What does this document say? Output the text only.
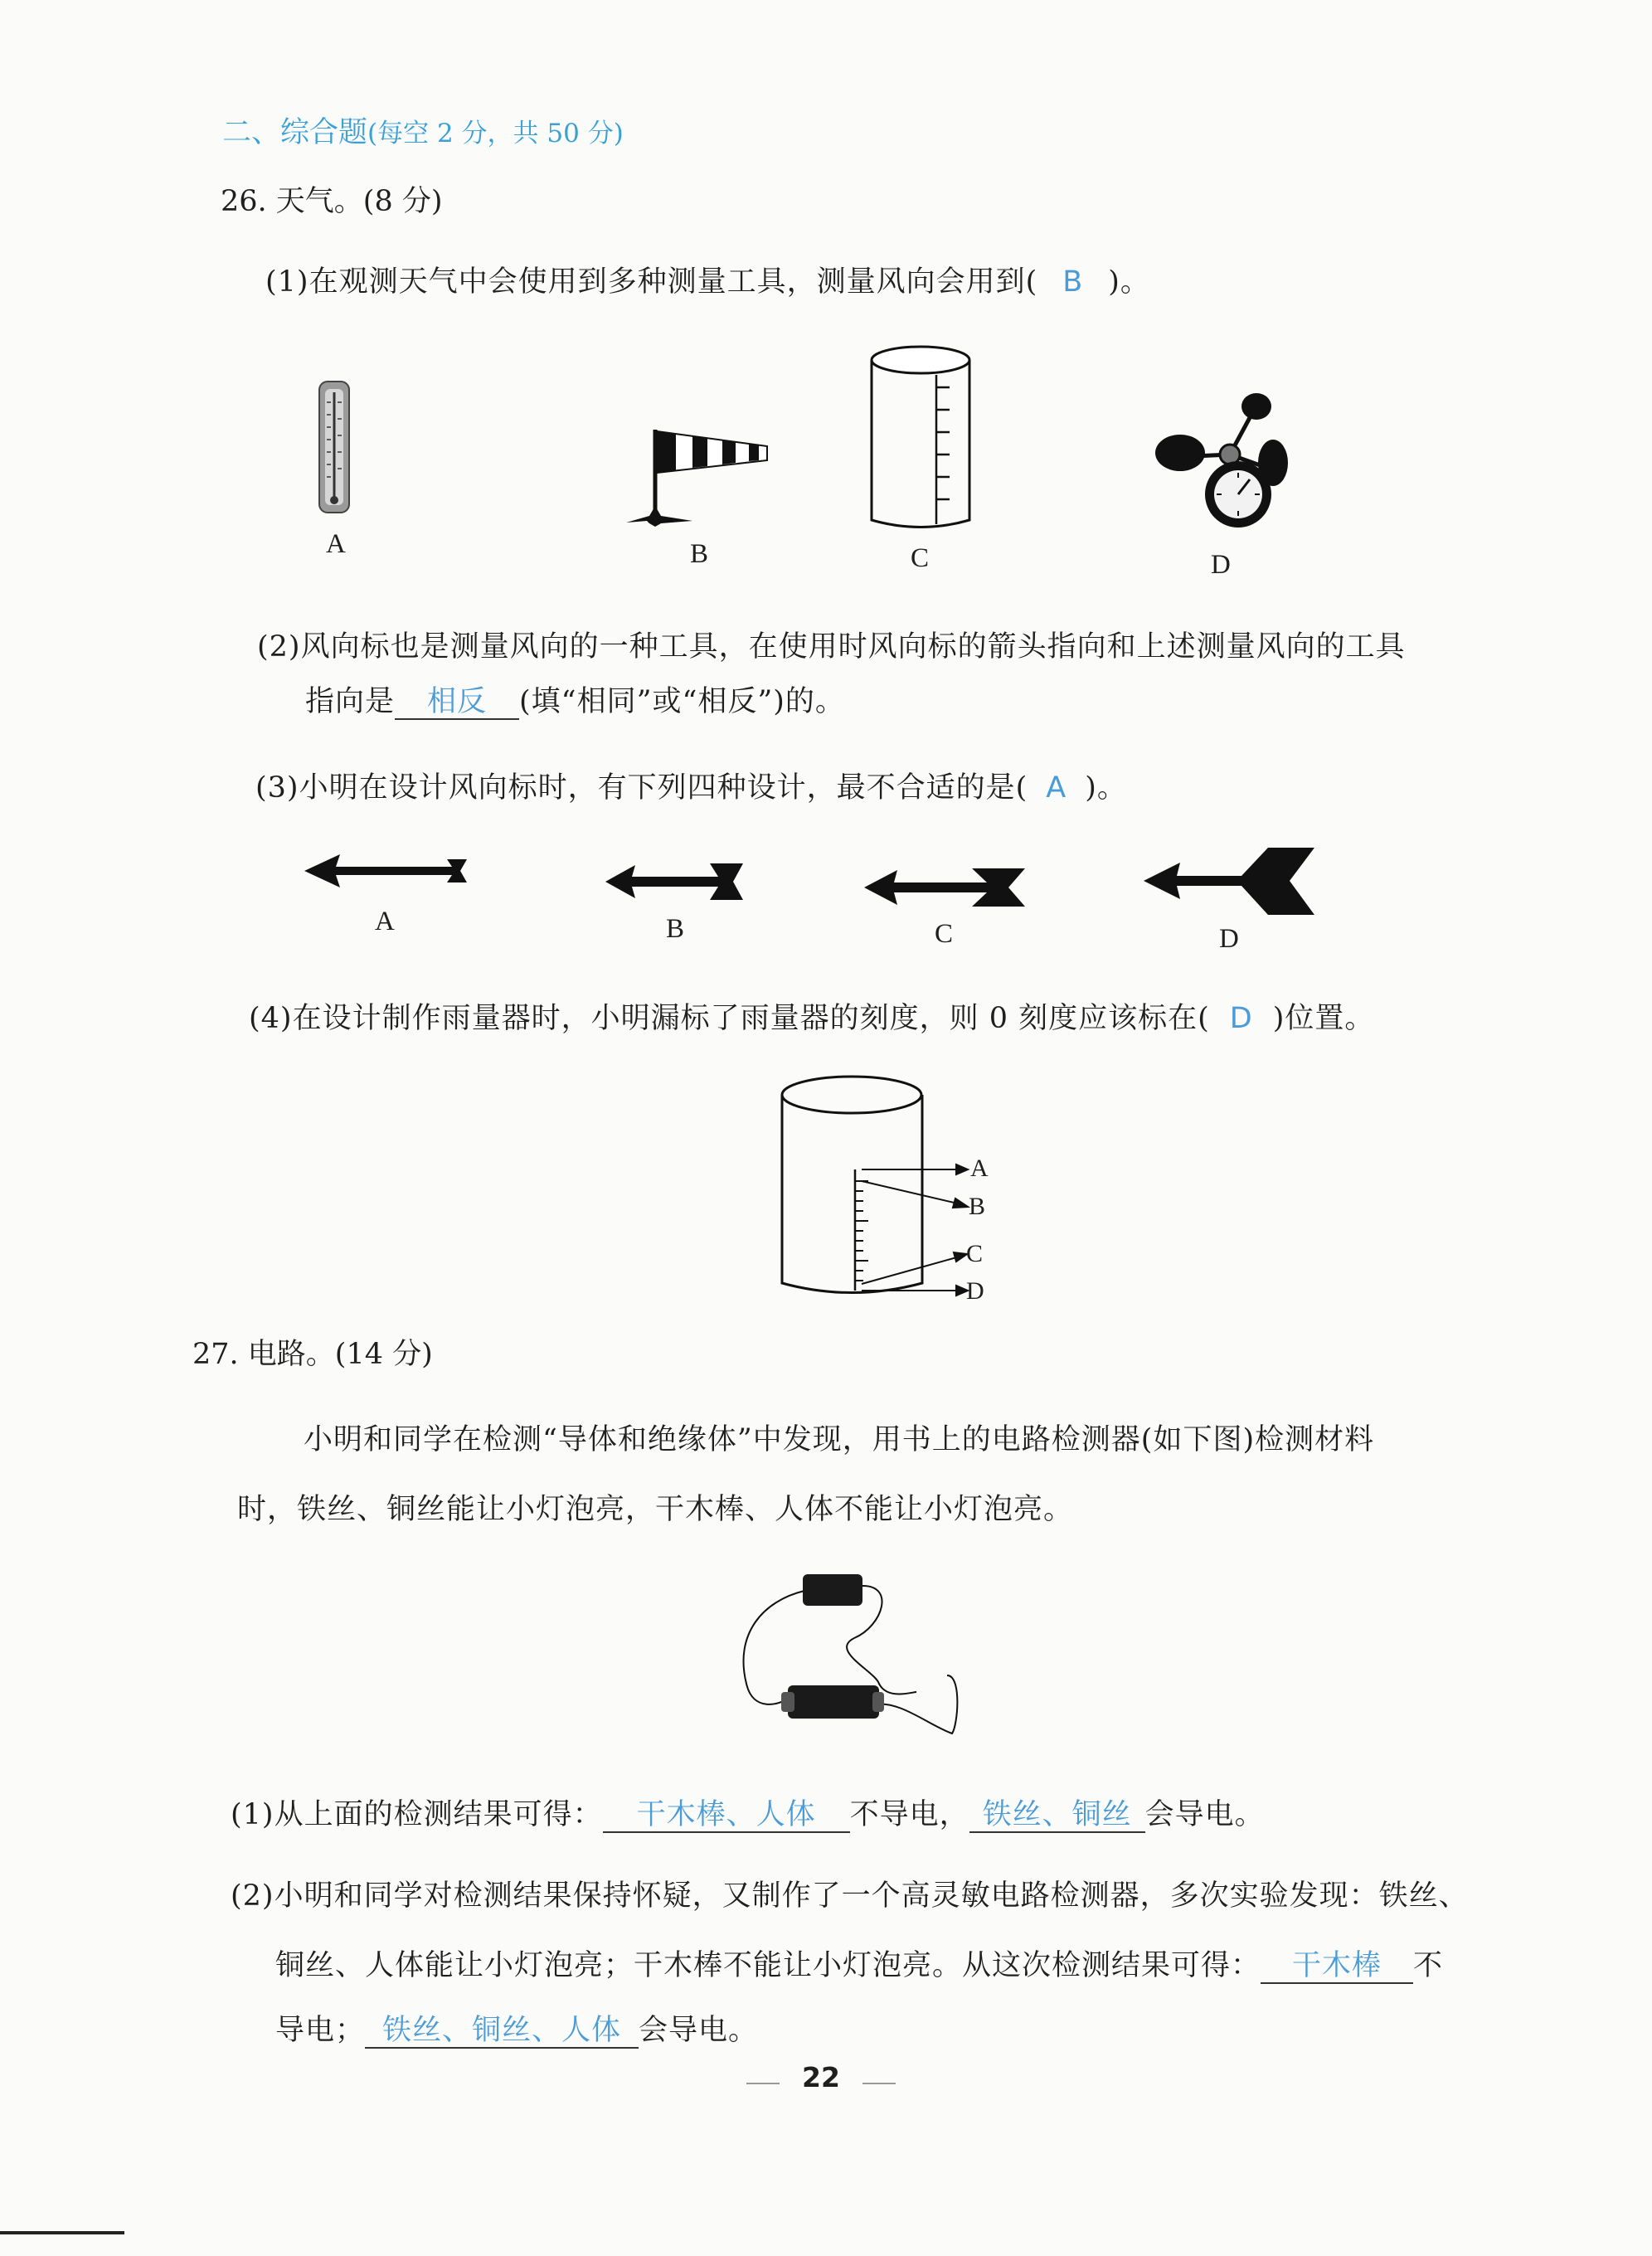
二、综合题(每空 2 分，共 50 分)
26. 天气。(8 分)
(1)在观测天气中会使用到多种测量工具，测量风向会用到( B )。
A	B	C	D
(2)风向标也是测量风向的一种工具，在使用时风向标的箭头指向和上述测量风向的工具
指向是 相反 (填“相同”或“相反”)的。
(3)小明在设计风向标时，有下列四种设计，最不合适的是( A )。
A	B	C	D
(4)在设计制作雨量器时，小明漏标了雨量器的刻度，则 0 刻度应该标在( D )位置。
A
B
C
D
27. 电路。(14 分)
小明和同学在检测“导体和绝缘体”中发现，用书上的电路检测器(如下图)检测材料
时，铁丝、铜丝能让小灯泡亮，干木棒、人体不能让小灯泡亮。
(1)从上面的检测结果可得： 干木棒、人体 不导电， 铁丝、铜丝 会导电。
(2)小明和同学对检测结果保持怀疑，又制作了一个高灵敏电路检测器，多次实验发现：铁丝、
铜丝、人体能让小灯泡亮；干木棒不能让小灯泡亮。从这次检测结果可得： 干木棒 不
导电； 铁丝、铜丝、人体 会导电。
22
